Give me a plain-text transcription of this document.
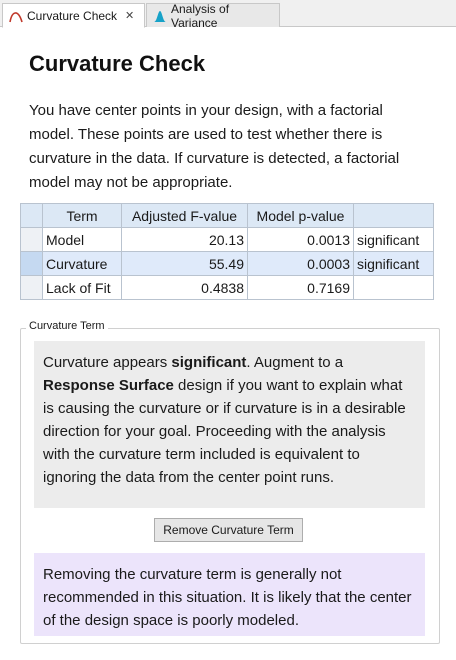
Curvature Check ✕
Analysis of Variance
Curvature Check
You have center points in your design, with a factorial model. These points are used to test whether there is curvature in the data. If curvature is detected, a factorial model may not be appropriate.
	Term	Adjusted F-value	Model p-value	
	Model	20.13	0.0013	significant
	Curvature	55.49	0.0003	significant
	Lack of Fit	0.4838	0.7169	
Curvature Term
Curvature appears significant. Augment to a Response Surface design if you want to explain what is causing the curvature or if curvature is in a desirable direction for your goal. Proceeding with the analysis with the curvature term included is equivalent to ignoring the data from the center point runs.
Remove Curvature Term
Removing the curvature term is generally not recommended in this situation. It is likely that the center of the design space is poorly modeled.
